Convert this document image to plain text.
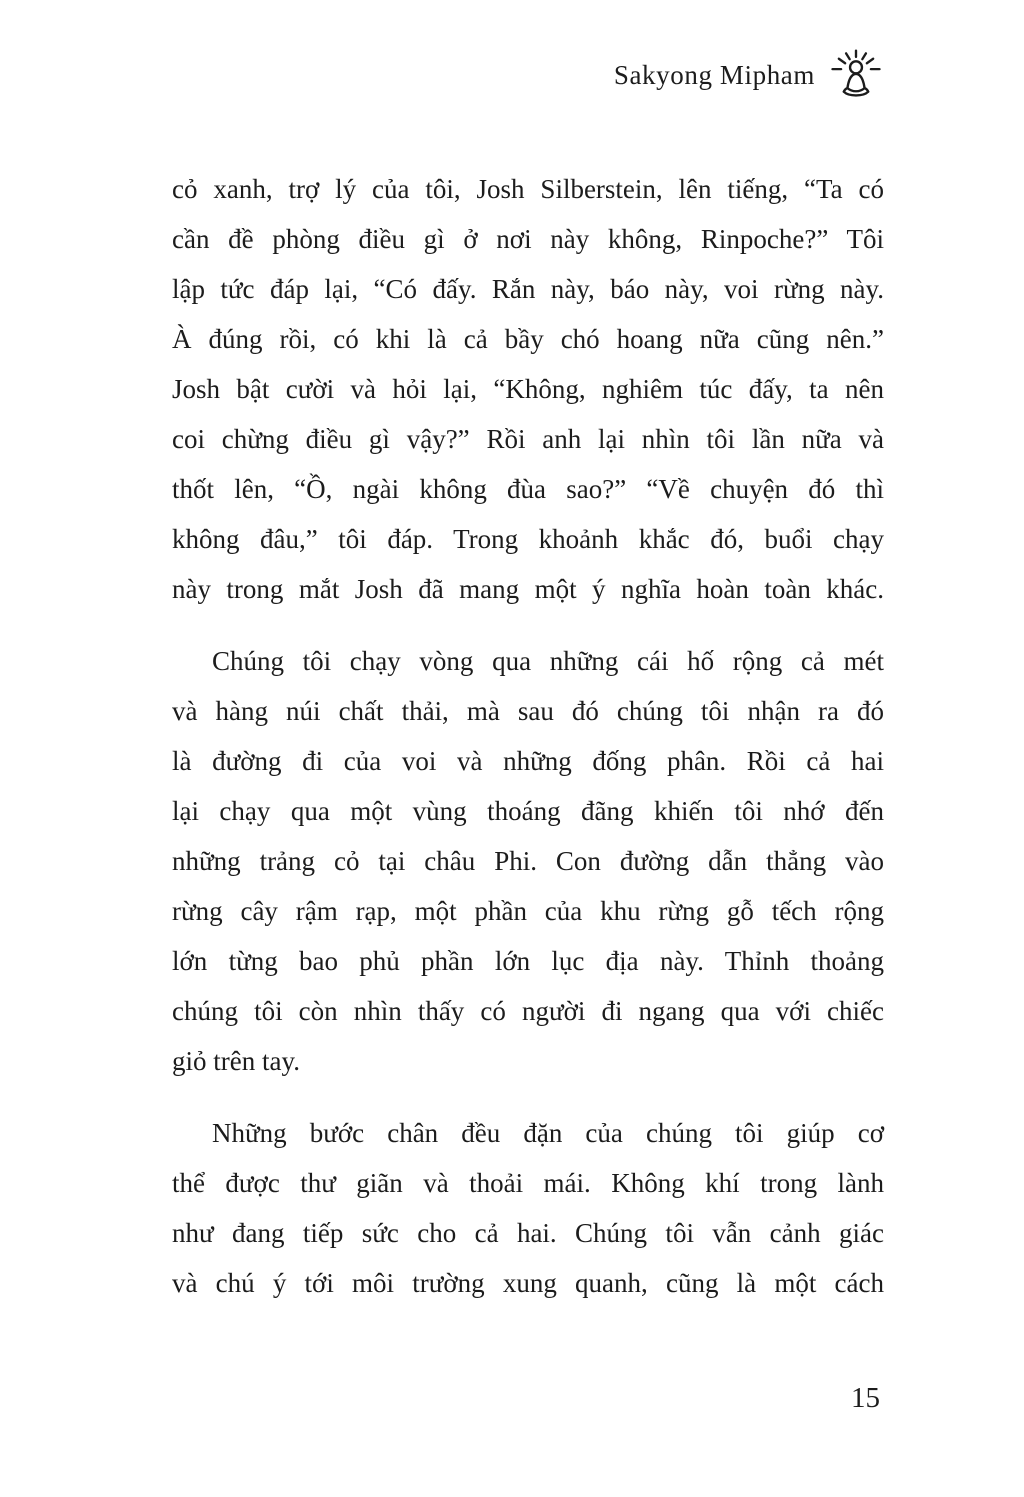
Sakyong Mipham
cỏ xanh, trợ lý của tôi, Josh Silberstein, lên tiếng, “Ta có
cần đề phòng điều gì ở nơi này không, Rinpoche?” Tôi
lập tức đáp lại, “Có đấy. Rắn này, báo này, voi rừng này.
À đúng rồi, có khi là cả bầy chó hoang nữa cũng nên.”
Josh bật cười và hỏi lại, “Không, nghiêm túc đấy, ta nên
coi chừng điều gì vậy?” Rồi anh lại nhìn tôi lần nữa và
thốt lên, “Ồ, ngài không đùa sao?” “Về chuyện đó thì
không đâu,” tôi đáp. Trong khoảnh khắc đó, buổi chạy
này trong mắt Josh đã mang một ý nghĩa hoàn toàn khác.
Chúng tôi chạy vòng qua những cái hố rộng cả mét
và hàng núi chất thải, mà sau đó chúng tôi nhận ra đó
là đường đi của voi và những đống phân. Rồi cả hai
lại chạy qua một vùng thoáng đãng khiến tôi nhớ đến
những trảng cỏ tại châu Phi. Con đường dẫn thẳng vào
rừng cây rậm rạp, một phần của khu rừng gỗ tếch rộng
lớn từng bao phủ phần lớn lục địa này. Thỉnh thoảng
chúng tôi còn nhìn thấy có người đi ngang qua với chiếc
giỏ trên tay.
Những bước chân đều đặn của chúng tôi giúp cơ
thể được thư giãn và thoải mái. Không khí trong lành
như đang tiếp sức cho cả hai. Chúng tôi vẫn cảnh giác
và chú ý tới môi trường xung quanh, cũng là một cách
15
